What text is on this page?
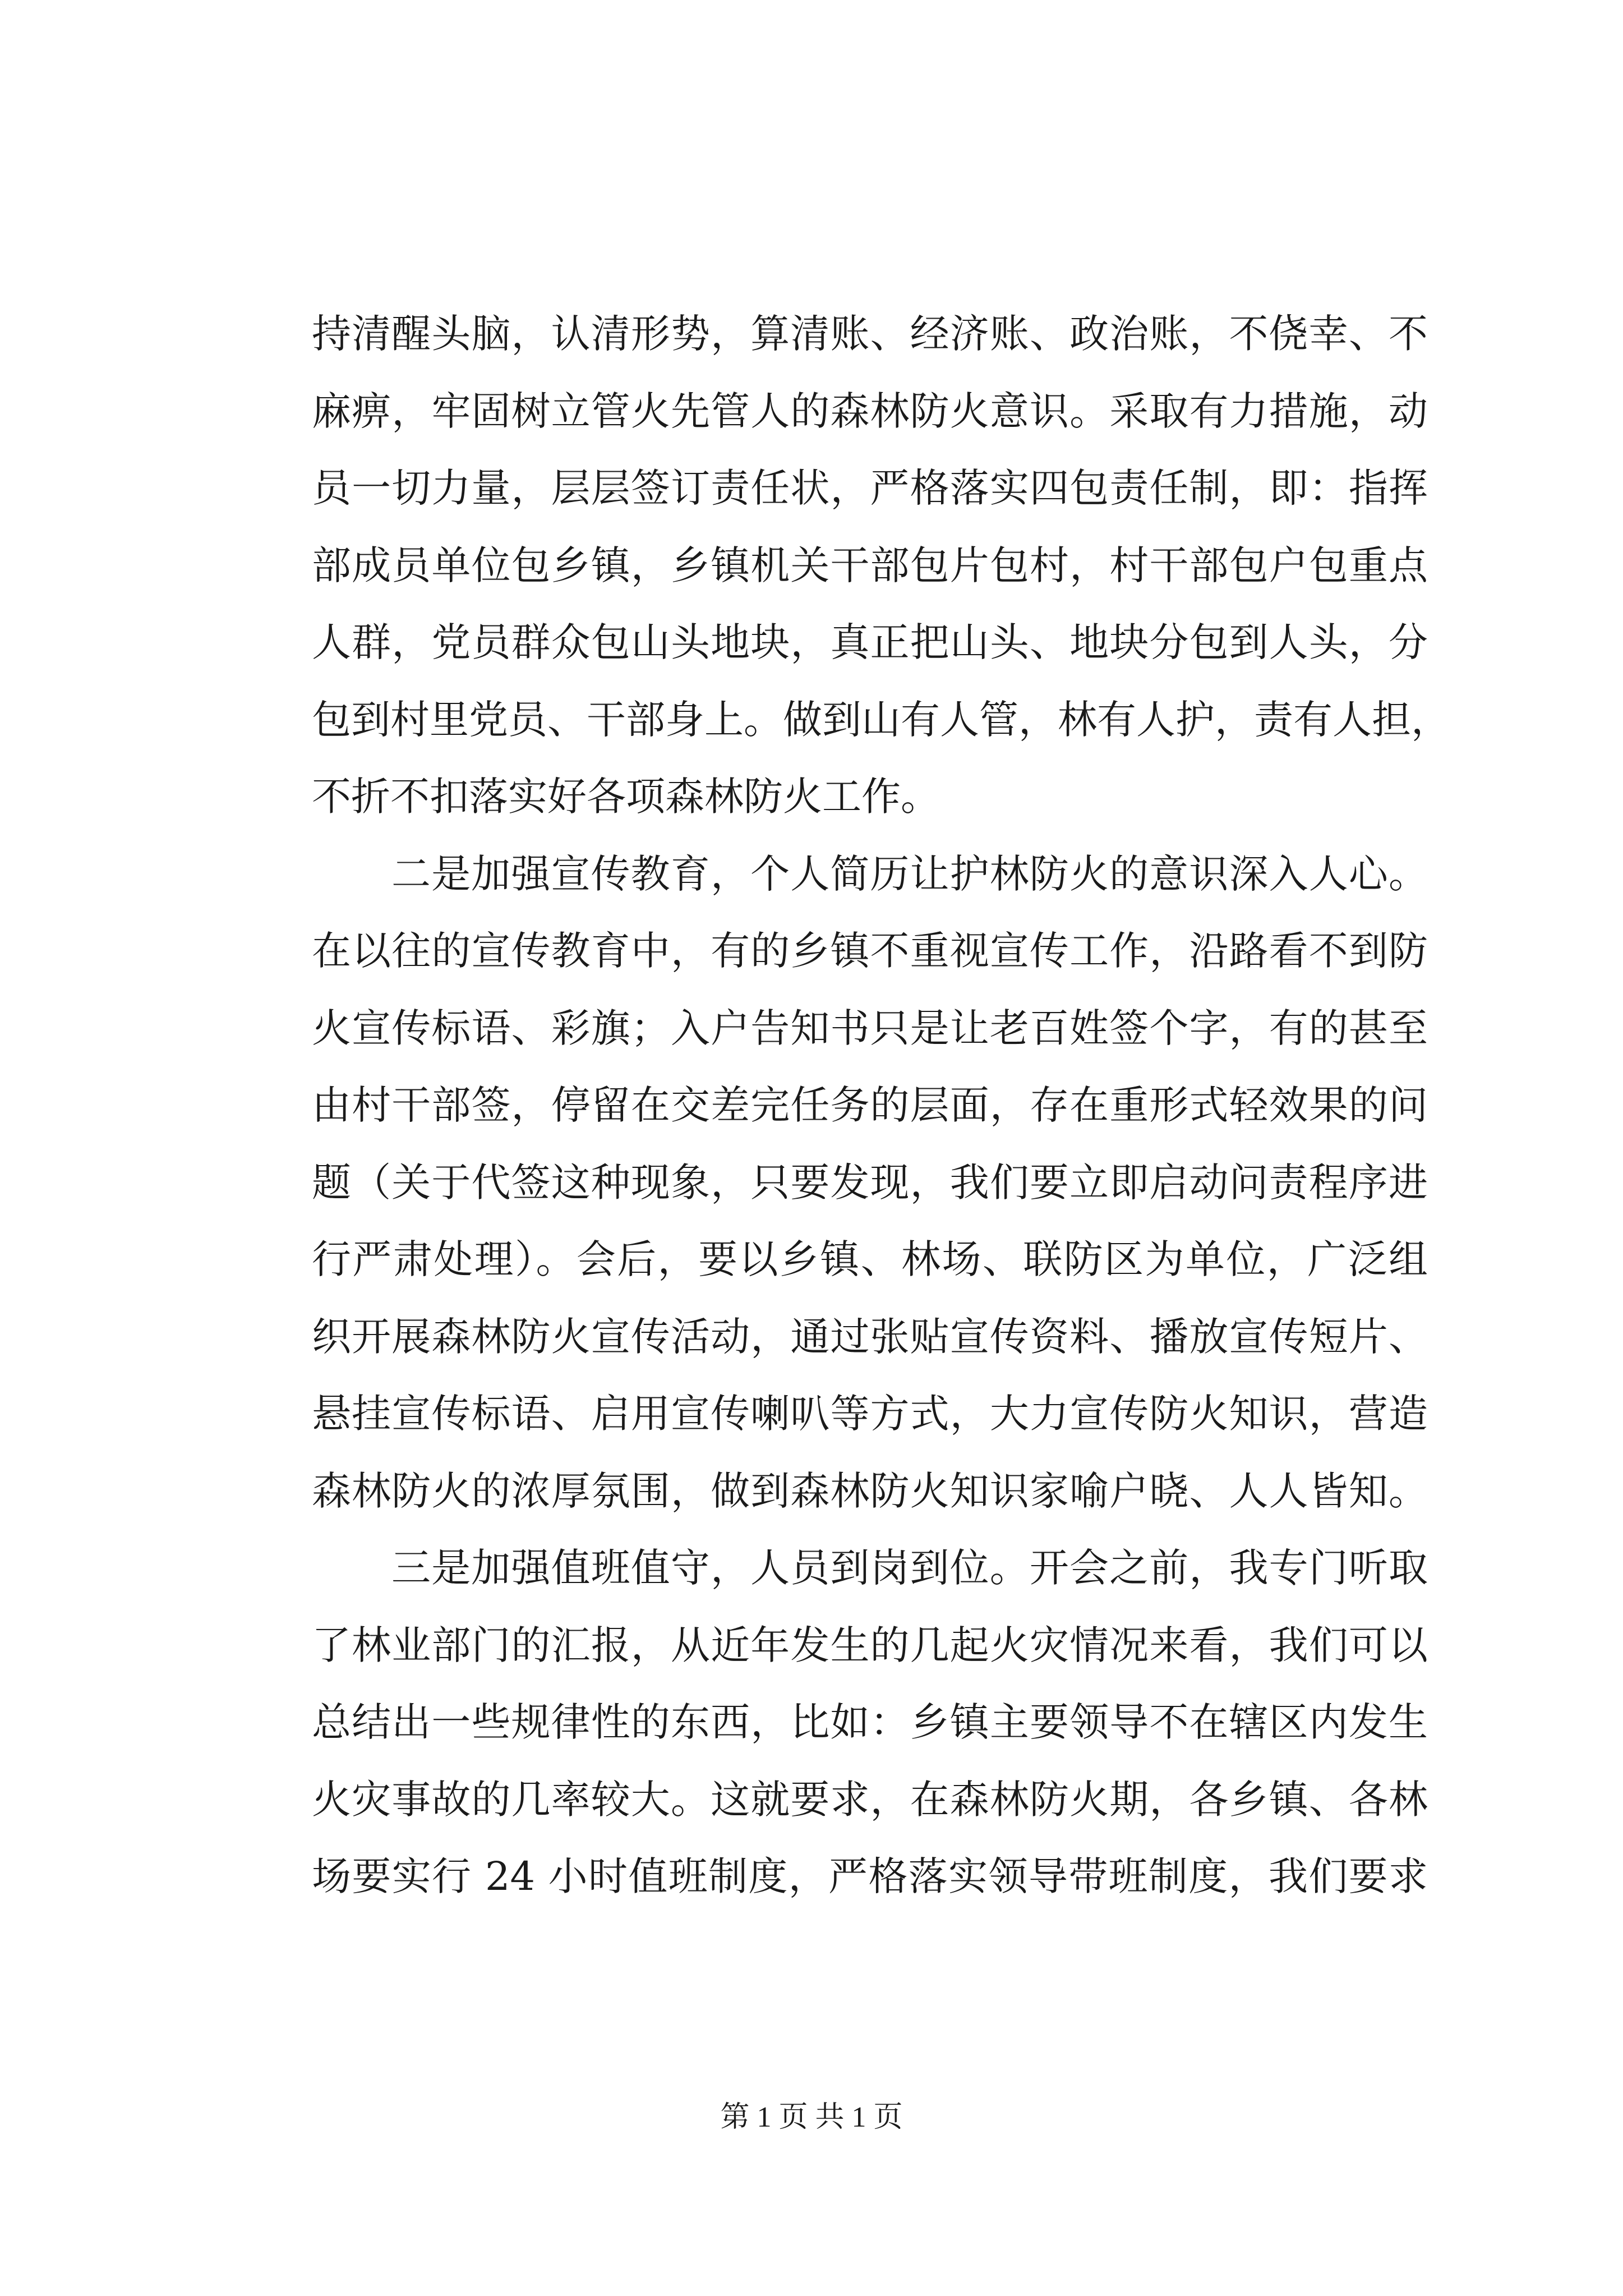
持清醒头脑，认清形势，算清账、经济账、政治账，不侥幸、不
麻痹，牢固树立管火先管人的森林防火意识。采取有力措施，动
员一切力量，层层签订责任状，严格落实四包责任制，即：指挥
部成员单位包乡镇，乡镇机关干部包片包村，村干部包户包重点
人群，党员群众包山头地块，真正把山头、地块分包到人头，分
包到村里党员、干部身上。做到山有人管，林有人护，责有人担，
不折不扣落实好各项森林防火工作。
二是加强宣传教育，个人简历让护林防火的意识深入人心。
在以往的宣传教育中，有的乡镇不重视宣传工作，沿路看不到防
火宣传标语、彩旗；入户告知书只是让老百姓签个字，有的甚至
由村干部签，停留在交差完任务的层面，存在重形式轻效果的问
题（关于代签这种现象，只要发现，我们要立即启动问责程序进
行严肃处理）。会后，要以乡镇、林场、联防区为单位，广泛组
织开展森林防火宣传活动，通过张贴宣传资料、播放宣传短片、
悬挂宣传标语、启用宣传喇叭等方式，大力宣传防火知识，营造
森林防火的浓厚氛围，做到森林防火知识家喻户晓、人人皆知。
三是加强值班值守，人员到岗到位。开会之前，我专门听取
了林业部门的汇报，从近年发生的几起火灾情况来看，我们可以
总结出一些规律性的东西，比如：乡镇主要领导不在辖区内发生
火灾事故的几率较大。这就要求，在森林防火期，各乡镇、各林
场要实行 24 小时值班制度，严格落实领导带班制度，我们要求
第 1 页 共 1 页
